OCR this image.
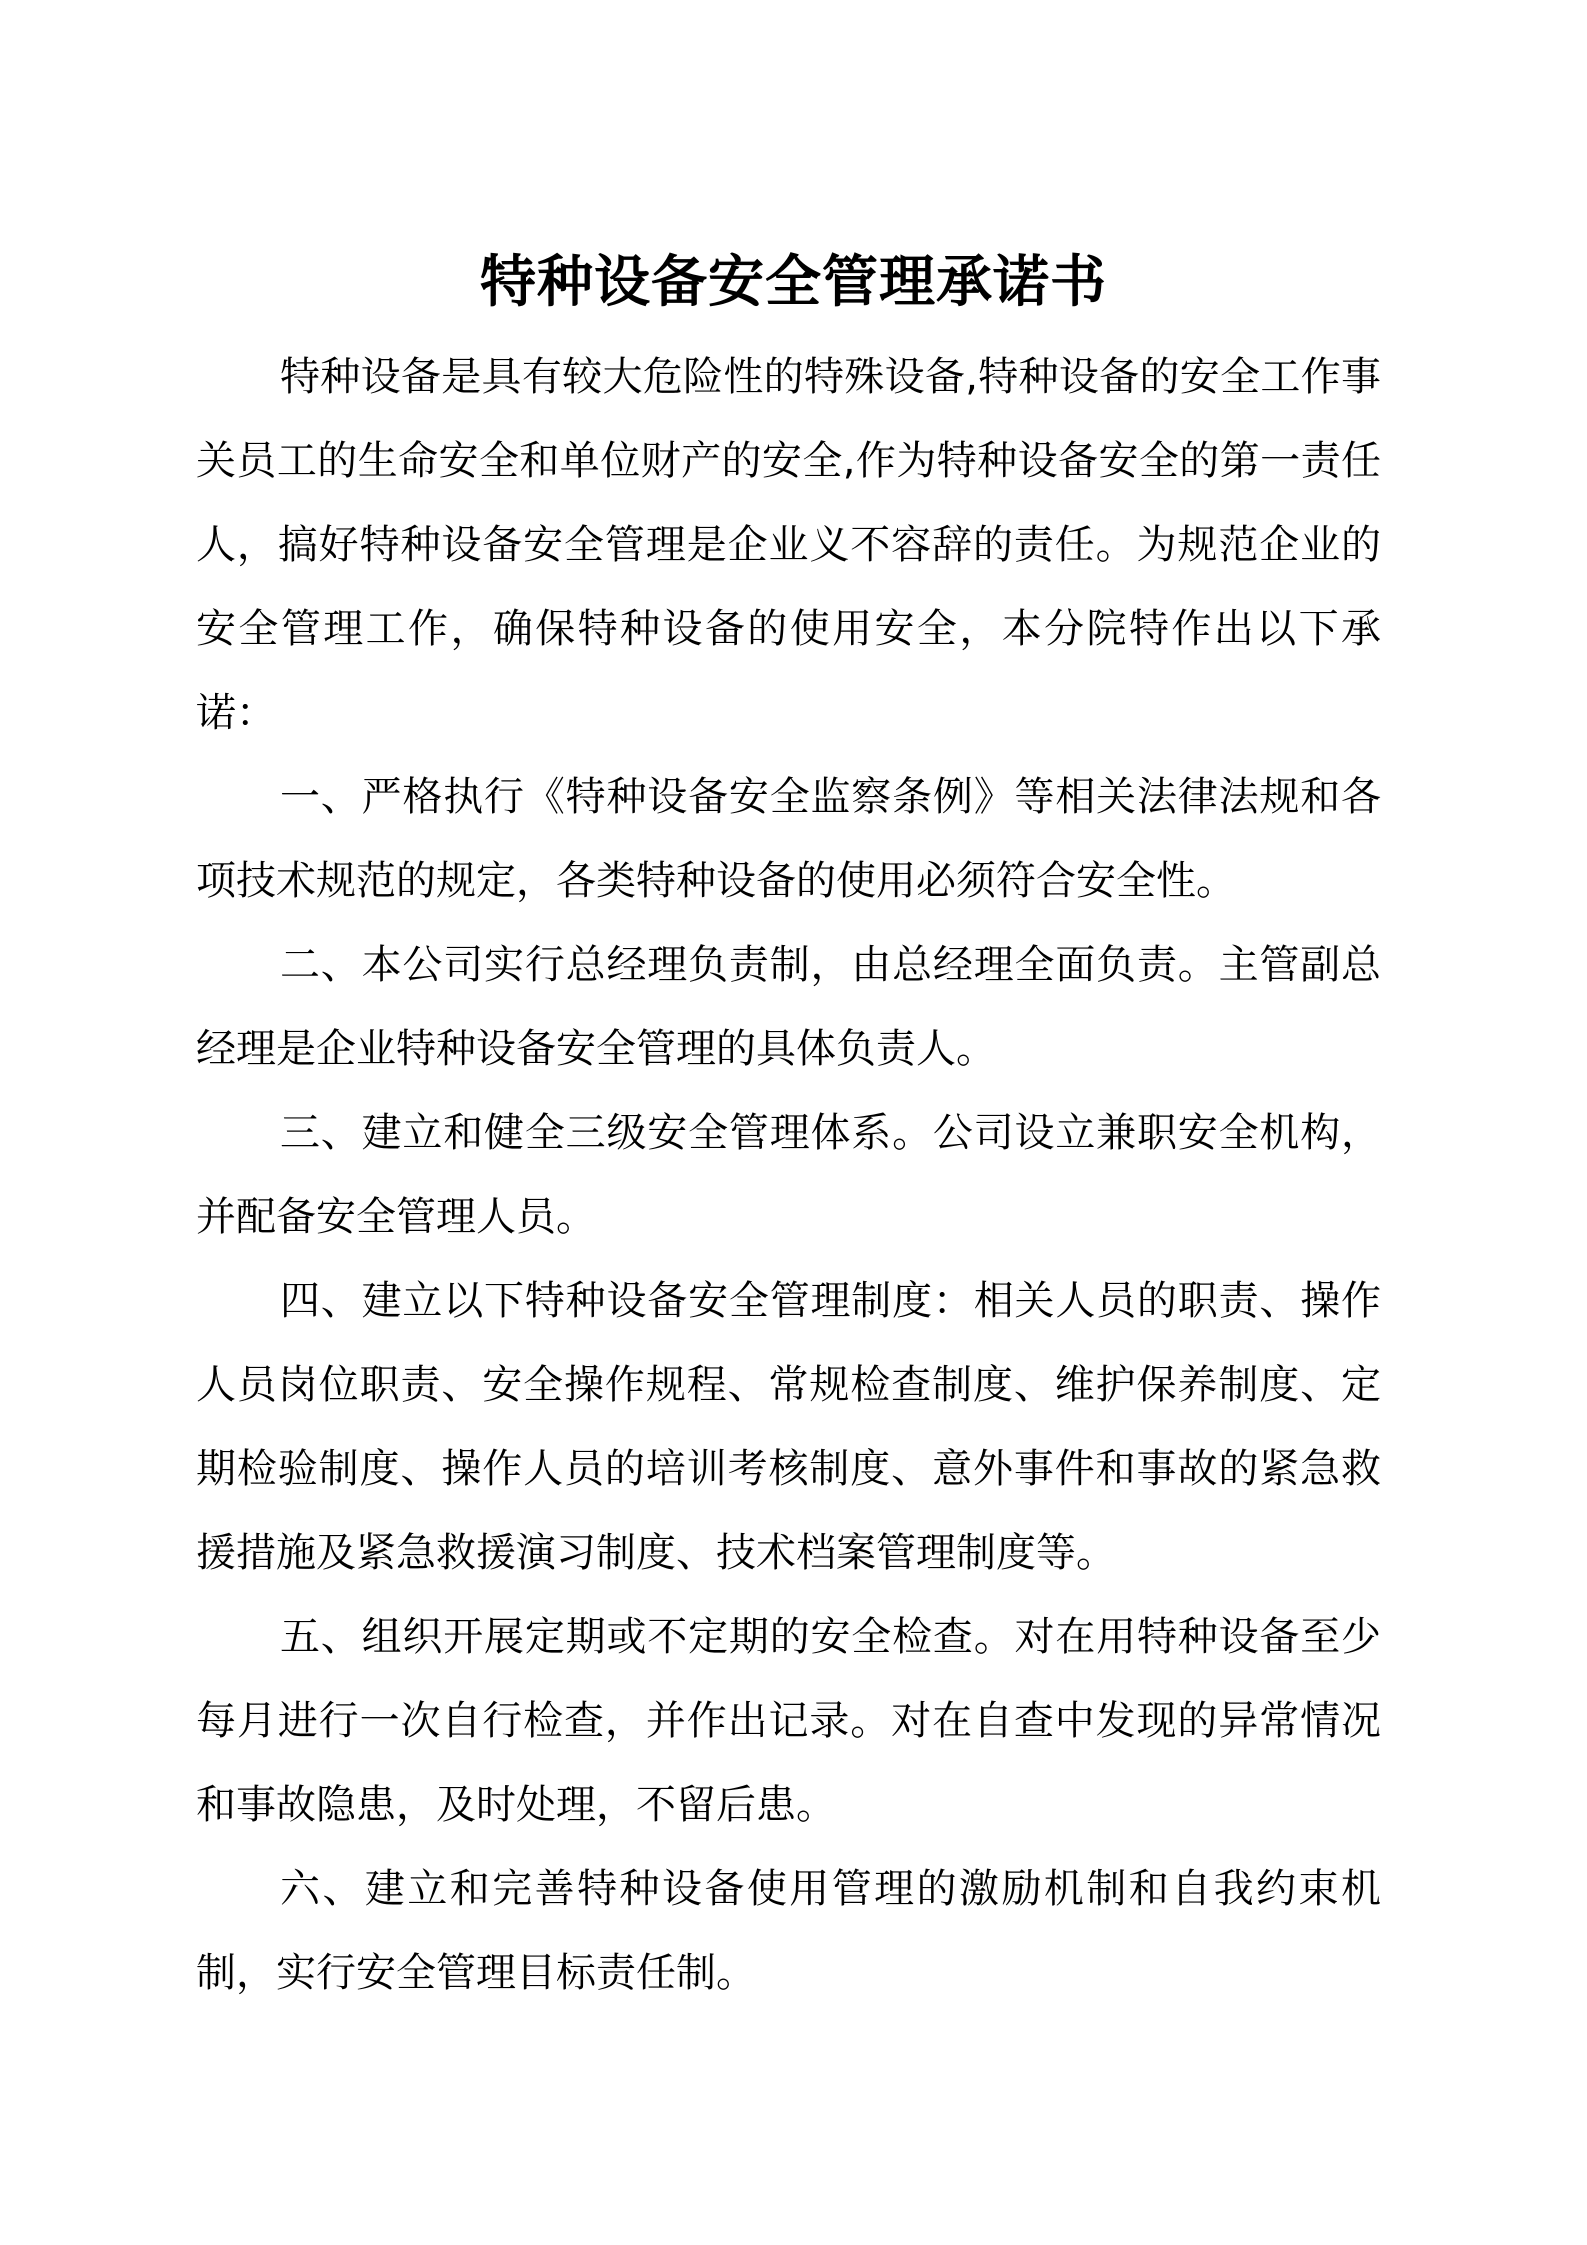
特种设备安全管理承诺书

特种设备是具有较大危险性的特殊设备,特种设备的安全工作事关员工的生命安全和单位财产的安全,作为特种设备安全的第一责任人，搞好特种设备安全管理是企业义不容辞的责任。为规范企业的安全管理工作，确保特种设备的使用安全，本分院特作出以下承诺：

一、严格执行《特种设备安全监察条例》等相关法律法规和各项技术规范的规定，各类特种设备的使用必须符合安全性。

二、本公司实行总经理负责制，由总经理全面负责。主管副总经理是企业特种设备安全管理的具体负责人。

三、建立和健全三级安全管理体系。公司设立兼职安全机构，并配备安全管理人员。

四、建立以下特种设备安全管理制度：相关人员的职责、操作人员岗位职责、安全操作规程、常规检查制度、维护保养制度、定期检验制度、操作人员的培训考核制度、意外事件和事故的紧急救援措施及紧急救援演习制度、技术档案管理制度等。

五、组织开展定期或不定期的安全检查。对在用特种设备至少每月进行一次自行检查，并作出记录。对在自查中发现的异常情况和事故隐患，及时处理，不留后患。

六、建立和完善特种设备使用管理的激励机制和自我约束机制，实行安全管理目标责任制。
